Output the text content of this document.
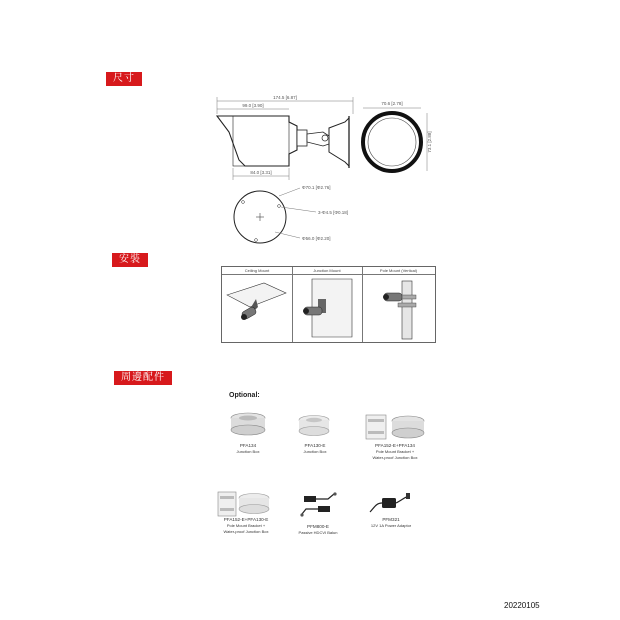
尺寸
安裝
周邊配件
174.5 [6.87]
99.0 [3.90]
84.0 [3.31]
70.6 [2.78]
73.1 [2.88]
Φ70.1 [Φ2.76]
3-Φ4.5 [Φ0.18]
Φ56.0 [Φ2.20]
Ceiling Mount	Junction Mount	Pole Mount (Vertical)
Optional:
PFA134
Junction Box
PFA130-E
Junction Box
PFA152-E+PFA134
Pole Mount Bracket +
Water-proof Junction Box
PFA152-E+PFA130-E
Pole Mount Bracket +
Water-proof Junction Box
PFM800-E
Passive HDCVI Balun
PFM321
12V 1A Power Adaptor
20220105
